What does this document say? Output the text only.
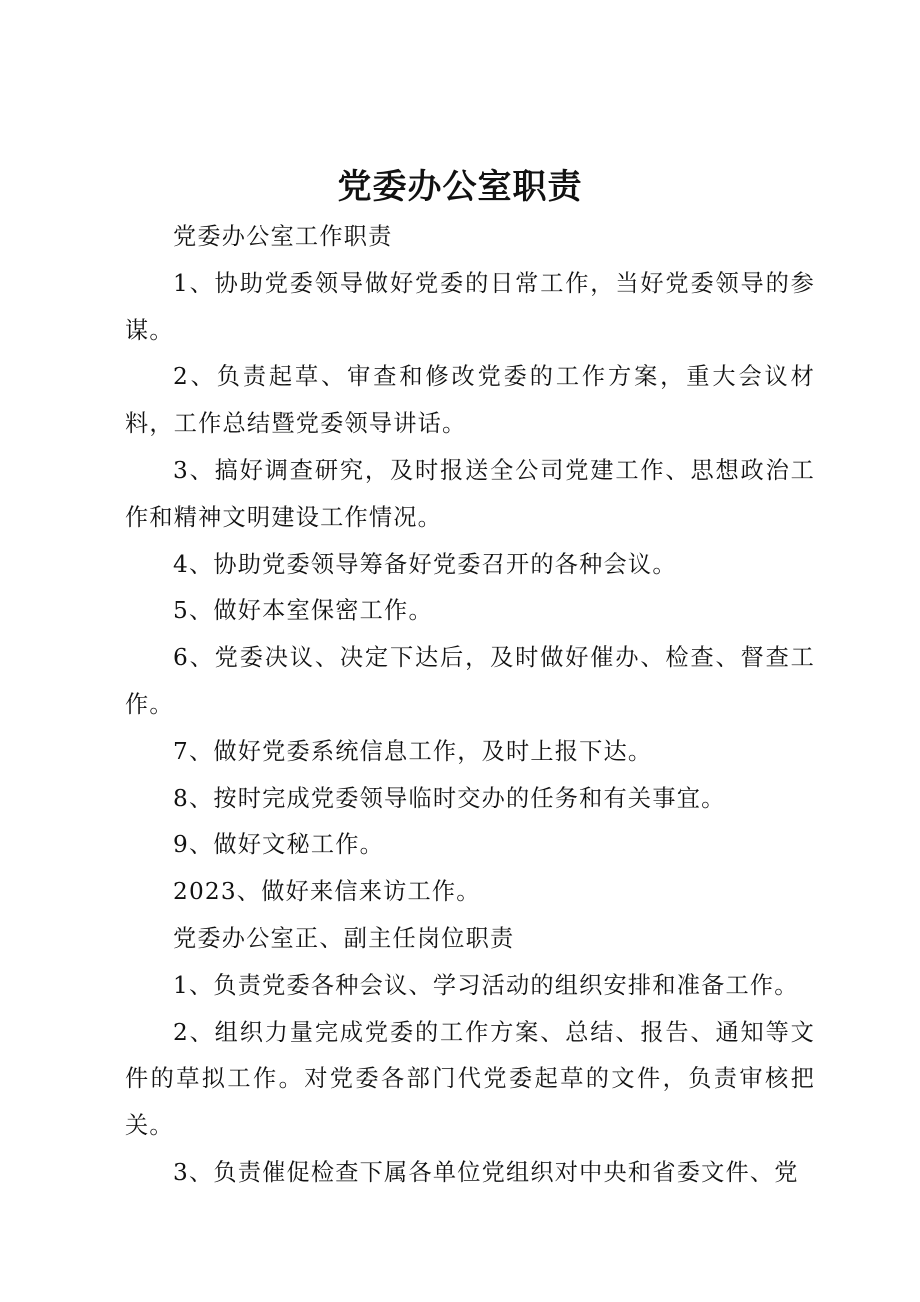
党委办公室职责

党委办公室工作职责

1、协助党委领导做好党委的日常工作，当好党委领导的参谋。

2、负责起草、审查和修改党委的工作方案，重大会议材料，工作总结暨党委领导讲话。

3、搞好调查研究，及时报送全公司党建工作、思想政治工作和精神文明建设工作情况。

4、协助党委领导筹备好党委召开的各种会议。

5、做好本室保密工作。

6、党委决议、决定下达后，及时做好催办、检查、督查工作。

7、做好党委系统信息工作，及时上报下达。

8、按时完成党委领导临时交办的任务和有关事宜。

9、做好文秘工作。

2023、做好来信来访工作。

党委办公室正、副主任岗位职责

1、负责党委各种会议、学习活动的组织安排和准备工作。

2、组织力量完成党委的工作方案、总结、报告、通知等文件的草拟工作。对党委各部门代党委起草的文件，负责审核把关。

3、负责催促检查下属各单位党组织对中央和省委文件、党
